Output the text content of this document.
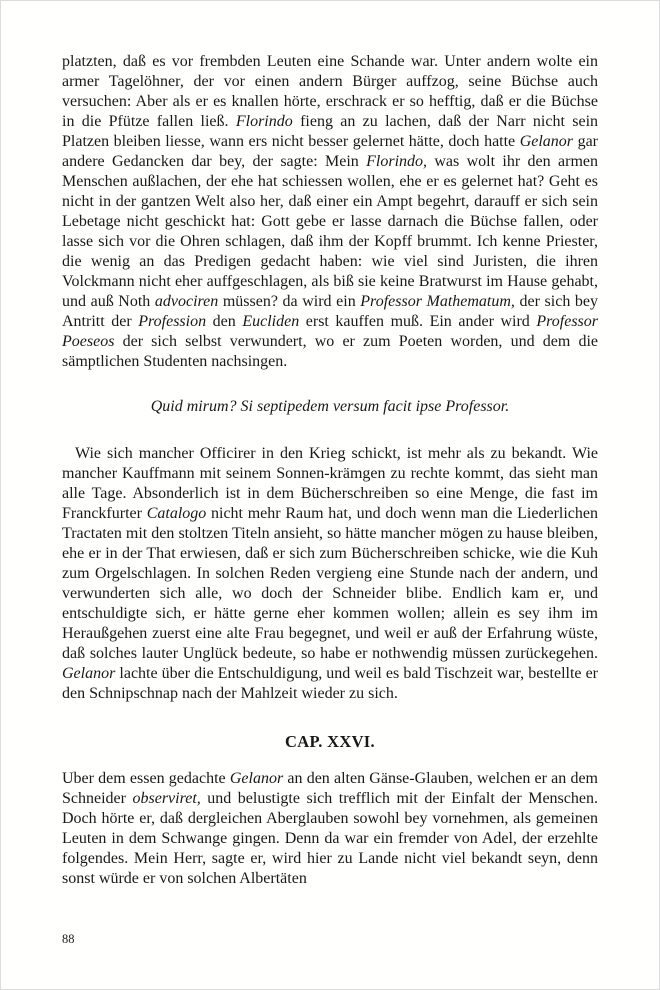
platzten, daß es vor frembden Leuten eine Schande war. Unter andern wolte ein armer Tagelöhner, der vor einen andern Bürger auffzog, seine Büchse auch versuchen: Aber als er es knallen hörte, erschrack er so hefftig, daß er die Büchse in die Pfütze fallen ließ. Florindo fieng an zu lachen, daß der Narr nicht sein Platzen bleiben liesse, wann ers nicht besser gelernet hätte, doch hatte Gelanor gar andere Gedancken dar bey, der sagte: Mein Florindo, was wolt ihr den armen Menschen außlachen, der ehe hat schiessen wollen, ehe er es gelernet hat? Geht es nicht in der gantzen Welt also her, daß einer ein Ampt begehrt, darauff er sich sein Lebetage nicht geschickt hat: Gott gebe er lasse darnach die Büchse fallen, oder lasse sich vor die Ohren schlagen, daß ihm der Kopff brummt. Ich kenne Priester, die wenig an das Predigen gedacht haben: wie viel sind Juristen, die ihren Volckmann nicht eher auffgeschlagen, als biß sie keine Bratwurst im Hause gehabt, und auß Noth advociren müssen? da wird ein Professor Mathematum, der sich bey Antritt der Profession den Eucliden erst kauffen muß. Ein ander wird Professor Poeseos der sich selbst verwundert, wo er zum Poeten worden, und dem die sämptlichen Studenten nachsingen.

Quid mirum? Si septipedem versum facit ipse Professor.

Wie sich mancher Officirer in den Krieg schickt, ist mehr als zu bekandt. Wie mancher Kauffmann mit seinem Sonnen-krämgen zu rechte kommt, das sieht man alle Tage. Absonderlich ist in dem Bücherschreiben so eine Menge, die fast im Franckfurter Catalogo nicht mehr Raum hat, und doch wenn man die Liederlichen Tractaten mit den stoltzen Titeln ansieht, so hätte mancher mögen zu hause bleiben, ehe er in der That erwiesen, daß er sich zum Bücherschreiben schicke, wie die Kuh zum Orgelschlagen. In solchen Reden vergieng eine Stunde nach der andern, und verwunderten sich alle, wo doch der Schneider blibe. Endlich kam er, und entschuldigte sich, er hätte gerne eher kommen wollen; allein es sey ihm im Heraußgehen zuerst eine alte Frau begegnet, und weil er auß der Erfahrung wüste, daß solches lauter Unglück bedeute, so habe er nothwendig müssen zurückegehen. Gelanor lachte über die Entschuldigung, und weil es bald Tischzeit war, bestellte er den Schnipschnap nach der Mahlzeit wieder zu sich.

CAP. XXVI.

Uber dem essen gedachte Gelanor an den alten Gänse-Glauben, welchen er an dem Schneider observiret, und belustigte sich trefflich mit der Einfalt der Menschen. Doch hörte er, daß dergleichen Aberglauben sowohl bey vornehmen, als gemeinen Leuten in dem Schwange gingen. Denn da war ein fremder von Adel, der erzehlte folgendes. Mein Herr, sagte er, wird hier zu Lande nicht viel bekandt seyn, denn sonst würde er von solchen Albertäten

88
